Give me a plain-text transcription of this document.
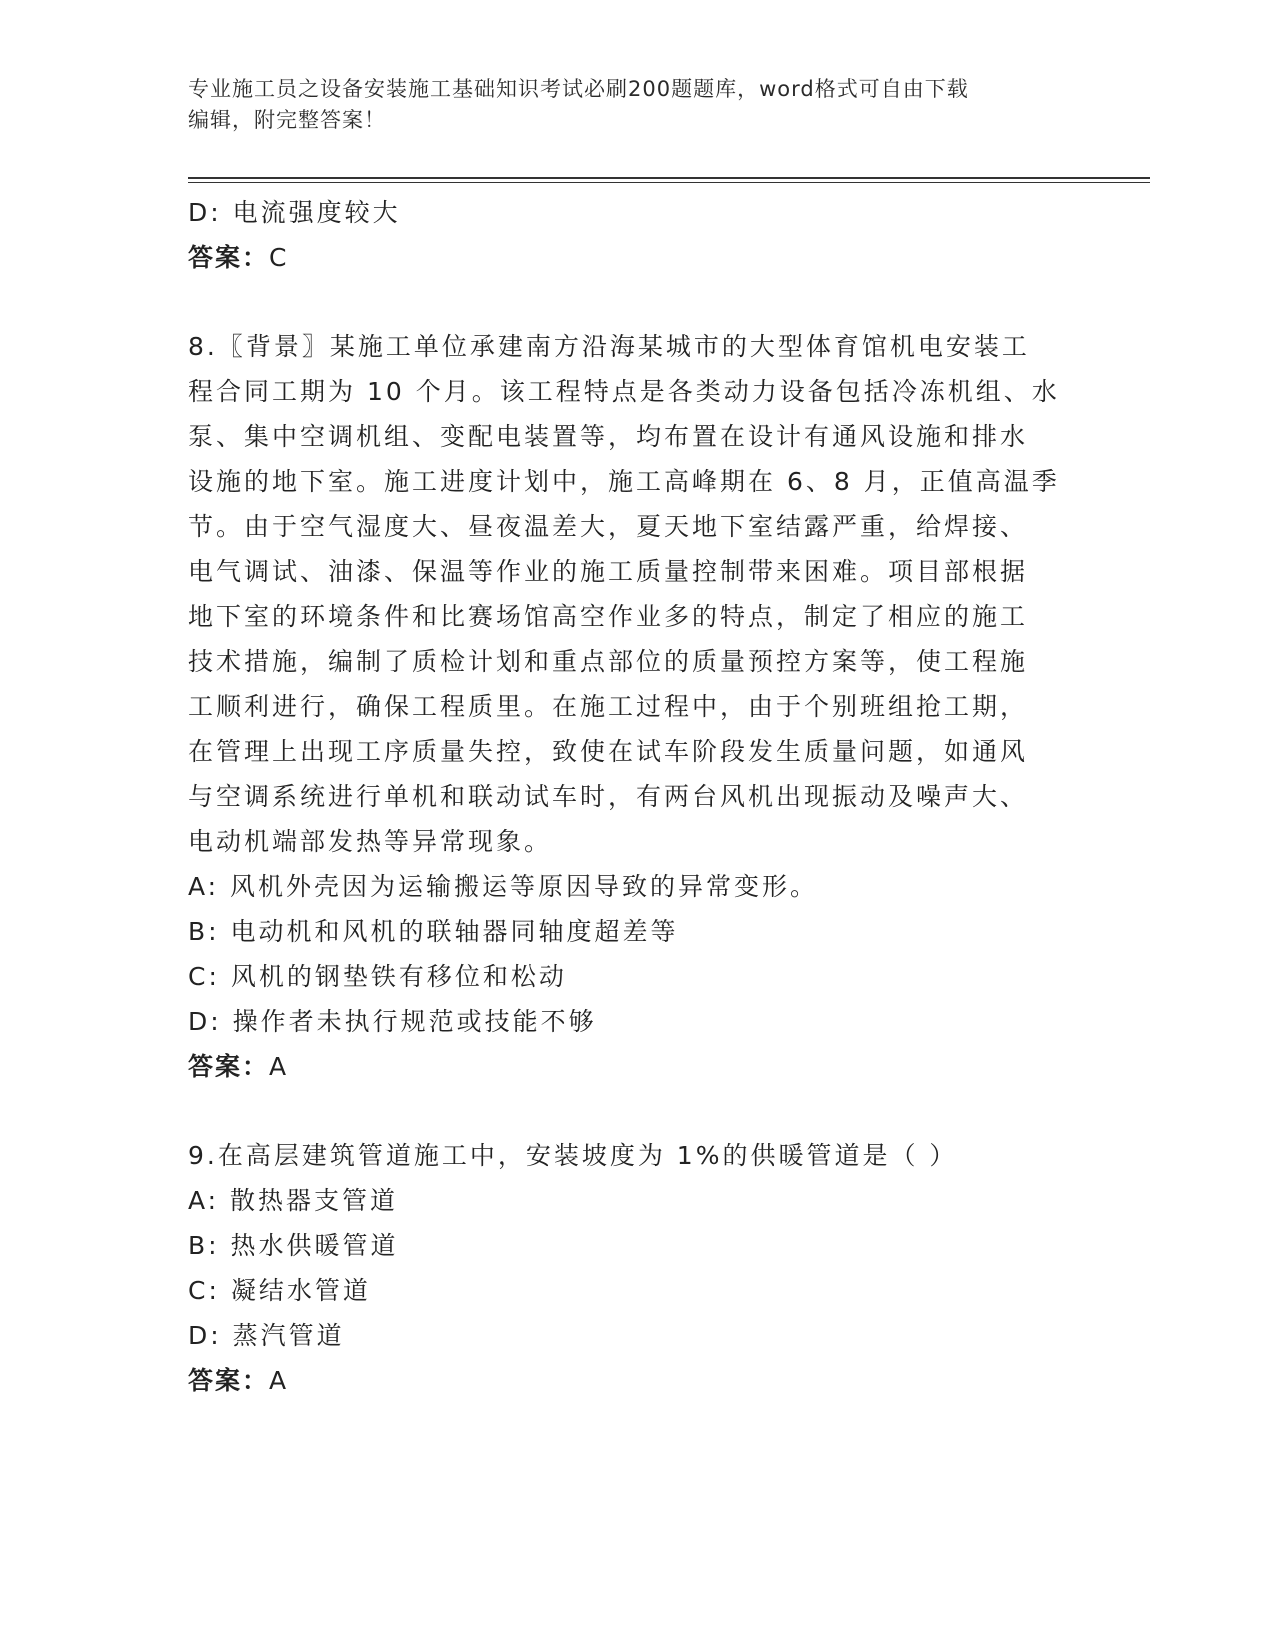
专业施工员之设备安装施工基础知识考试必刷200题题库，word格式可自由下载
编辑，附完整答案！
D: 电流强度较大
答案：C
8.〖背景〗某施工单位承建南方沿海某城市的大型体育馆机电安装工
程合同工期为 10 个月。该工程特点是各类动力设备包括冷冻机组、水
泵、集中空调机组、变配电装置等，均布置在设计有通风设施和排水
设施的地下室。施工进度计划中，施工高峰期在 6、8 月，正值高温季
节。由于空气湿度大、昼夜温差大，夏天地下室结露严重，给焊接、
电气调试、油漆、保温等作业的施工质量控制带来困难。项目部根据
地下室的环境条件和比赛场馆高空作业多的特点，制定了相应的施工
技术措施，编制了质检计划和重点部位的质量预控方案等，使工程施
工顺利进行，确保工程质里。在施工过程中，由于个别班组抢工期，
在管理上出现工序质量失控，致使在试车阶段发生质量问题，如通风
与空调系统进行单机和联动试车时，有两台风机出现振动及噪声大、
电动机端部发热等异常现象。
A: 风机外壳因为运输搬运等原因导致的异常变形。
B: 电动机和风机的联轴器同轴度超差等
C: 风机的钢垫铁有移位和松动
D: 操作者未执行规范或技能不够
答案：A
9.在高层建筑管道施工中，安装坡度为 1%的供暖管道是（ ）
A: 散热器支管道
B: 热水供暖管道
C: 凝结水管道
D: 蒸汽管道
答案：A
